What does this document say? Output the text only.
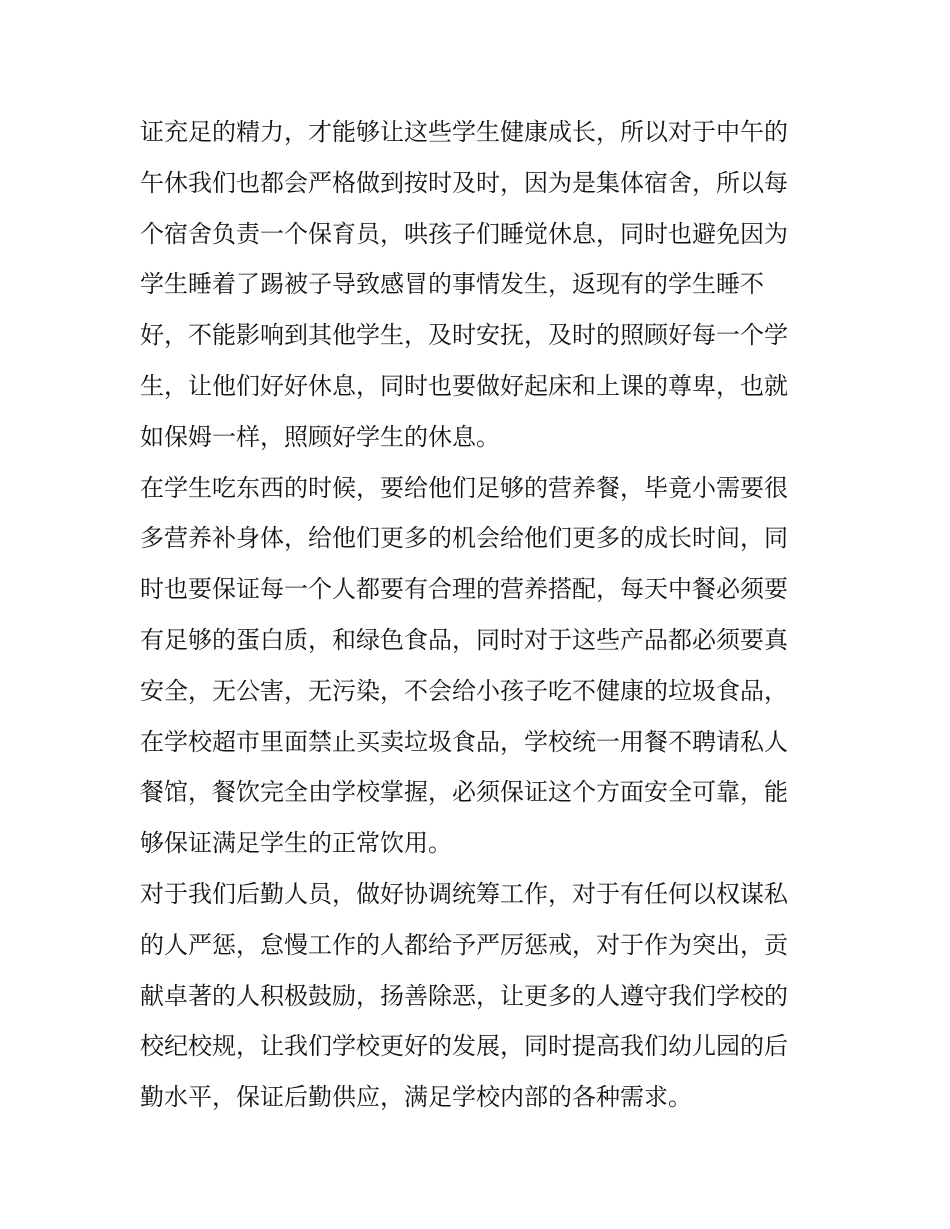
证充足的精力，才能够让这些学生健康成长，所以对于中午的
午休我们也都会严格做到按时及时，因为是集体宿舍，所以每
个宿舍负责一个保育员，哄孩子们睡觉休息，同时也避免因为
学生睡着了踢被子导致感冒的事情发生，返现有的学生睡不
好，不能影响到其他学生，及时安抚，及时的照顾好每一个学
生，让他们好好休息，同时也要做好起床和上课的尊卑，也就
如保姆一样，照顾好学生的休息。
在学生吃东西的时候，要给他们足够的营养餐，毕竟小需要很
多营养补身体，给他们更多的机会给他们更多的成长时间，同
时也要保证每一个人都要有合理的营养搭配，每天中餐必须要
有足够的蛋白质，和绿色食品，同时对于这些产品都必须要真
安全，无公害，无污染，不会给小孩子吃不健康的垃圾食品，
在学校超市里面禁止买卖垃圾食品，学校统一用餐不聘请私人
餐馆，餐饮完全由学校掌握，必须保证这个方面安全可靠，能
够保证满足学生的正常饮用。
对于我们后勤人员，做好协调统筹工作，对于有任何以权谋私
的人严惩，怠慢工作的人都给予严厉惩戒，对于作为突出，贡
献卓著的人积极鼓励，扬善除恶，让更多的人遵守我们学校的
校纪校规，让我们学校更好的发展，同时提高我们幼儿园的后
勤水平，保证后勤供应，满足学校内部的各种需求。
